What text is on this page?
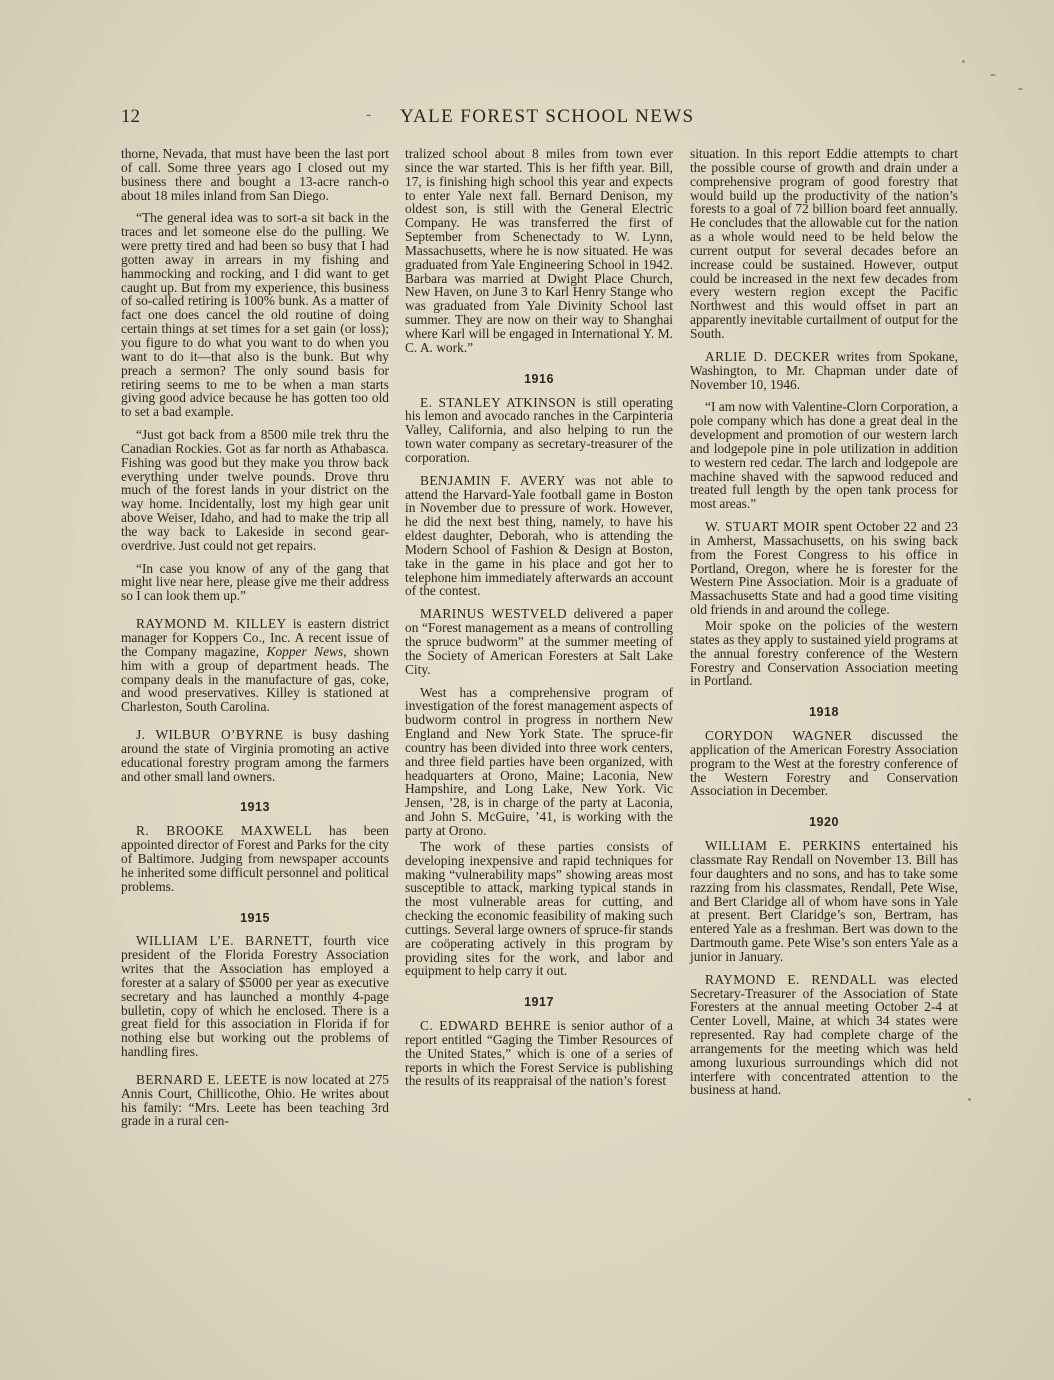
12	- YALE FOREST SCHOOL NEWS

thorne, Nevada, that must have been the last port of call. Some three years ago I closed out my business there and bought a 13-acre ranch-o about 18 miles inland from San Diego.

“The general idea was to sort-a sit back in the traces and let someone else do the pulling. We were pretty tired and had been so busy that I had gotten away in arrears in my fishing and hammocking and rocking, and I did want to get caught up. But from my experience, this business of so-called retiring is 100% bunk. As a matter of fact one does cancel the old routine of doing certain things at set times for a set gain (or loss); you figure to do what you want to do when you want to do it—that also is the bunk. But why preach a sermon? The only sound basis for retiring seems to me to be when a man starts giving good advice because he has gotten too old to set a bad example.

“Just got back from a 8500 mile trek thru the Canadian Rockies. Got as far north as Athabasca. Fishing was good but they make you throw back everything under twelve pounds. Drove thru much of the forest lands in your district on the way home. Incidentally, lost my high gear unit above Weiser, Idaho, and had to make the trip all the way back to Lakeside in second gear-overdrive. Just could not get repairs.

“In case you know of any of the gang that might live near here, please give me their address so I can look them up.”

RAYMOND M. KILLEY is eastern district manager for Koppers Co., Inc. A recent issue of the Company magazine, Kopper News, shown him with a group of department heads. The company deals in the manufacture of gas, coke, and wood preservatives. Killey is stationed at Charleston, South Carolina.

J. WILBUR O’BYRNE is busy dashing around the state of Virginia promoting an active educational forestry program among the farmers and other small land owners.

1913

R. BROOKE MAXWELL has been appointed director of Forest and Parks for the city of Baltimore. Judging from newspaper accounts he inherited some difficult personnel and political problems.

1915

WILLIAM L’E. BARNETT, fourth vice president of the Florida Forestry Association writes that the Association has employed a forester at a salary of $5000 per year as executive secretary and has launched a monthly 4-page bulletin, copy of which he enclosed. There is a great field for this association in Florida if for nothing else but working out the problems of handling fires.

BERNARD E. LEETE is now located at 275 Annis Court, Chillicothe, Ohio. He writes about his family: “Mrs. Leete has been teaching 3rd grade in a rural cen-

tralized school about 8 miles from town ever since the war started. This is her fifth year. Bill, 17, is finishing high school this year and expects to enter Yale next fall. Bernard Denison, my oldest son, is still with the General Electric Company. He was transferred the first of September from Schenectady to W. Lynn, Massachusetts, where he is now situated. He was graduated from Yale Engineering School in 1942. Barbara was married at Dwight Place Church, New Haven, on June 3 to Karl Henry Stange who was graduated from Yale Divinity School last summer. They are now on their way to Shanghai where Karl will be engaged in International Y. M. C. A. work.”

1916

E. STANLEY ATKINSON is still operating his lemon and avocado ranches in the Carpinteria Valley, California, and also helping to run the town water company as secretary-treasurer of the corporation.

BENJAMIN F. AVERY was not able to attend the Harvard-Yale football game in Boston in November due to pressure of work. However, he did the next best thing, namely, to have his eldest daughter, Deborah, who is attending the Modern School of Fashion & Design at Boston, take in the game in his place and got her to telephone him immediately afterwards an account of the contest.

MARINUS WESTVELD delivered a paper on “Forest management as a means of controlling the spruce budworm” at the summer meeting of the Society of American Foresters at Salt Lake City.

West has a comprehensive program of investigation of the forest management aspects of budworm control in progress in northern New England and New York State. The spruce-fir country has been divided into three work centers, and three field parties have been organized, with headquarters at Orono, Maine; Laconia, New Hampshire, and Long Lake, New York. Vic Jensen, ’28, is in charge of the party at Laconia, and John S. McGuire, ’41, is working with the party at Orono.

The work of these parties consists of developing inexpensive and rapid techniques for making “vulnerability maps” showing areas most susceptible to attack, marking typical stands in the most vulnerable areas for cutting, and checking the economic feasibility of making such cuttings. Several large owners of spruce-fir stands are coöperating actively in this program by providing sites for the work, and labor and equipment to help carry it out.

1917

C. EDWARD BEHRE is senior author of a report entitled “Gaging the Timber Resources of the United States,” which is one of a series of reports in which the Forest Service is publishing the results of its reappraisal of the nation’s forest

situation. In this report Eddie attempts to chart the possible course of growth and drain under a comprehensive program of good forestry that would build up the productivity of the nation’s forests to a goal of 72 billion board feet annually. He concludes that the allowable cut for the nation as a whole would need to be held below the current output for several decades before an increase could be sustained. However, output could be increased in the next few decades from every western region except the Pacific Northwest and this would offset in part an apparently inevitable curtailment of output for the South.

ARLIE D. DECKER writes from Spokane, Washington, to Mr. Chapman under date of November 10, 1946.

“I am now with Valentine-Clorn Corporation, a pole company which has done a great deal in the development and promotion of our western larch and lodgepole pine in pole utilization in addition to western red cedar. The larch and lodgepole are machine shaved with the sapwood reduced and treated full length by the open tank process for most areas.”

W. STUART MOIR spent October 22 and 23 in Amherst, Massachusetts, on his swing back from the Forest Congress to his office in Portland, Oregon, where he is forester for the Western Pine Association. Moir is a graduate of Massachusetts State and had a good time visiting old friends in and around the college.

Moir spoke on the policies of the western states as they apply to sustained yield programs at the annual forestry conference of the Western Forestry and Conservation Association meeting in Portland.

1918

CORYDON WAGNER discussed the application of the American Forestry Association program to the West at the forestry conference of the Western Forestry and Conservation Association in December.

1920

WILLIAM E. PERKINS entertained his classmate Ray Rendall on November 13. Bill has four daughters and no sons, and has to take some razzing from his classmates, Rendall, Pete Wise, and Bert Claridge all of whom have sons in Yale at present. Bert Claridge’s son, Bertram, has entered Yale as a freshman. Bert was down to the Dartmouth game. Pete Wise’s son enters Yale as a junior in January.

RAYMOND E. RENDALL was elected Secretary-Treasurer of the Association of State Foresters at the annual meeting October 2-4 at Center Lovell, Maine, at which 34 states were represented. Ray had complete charge of the arrangements for the meeting which was held among luxurious surroundings which did not interfere with concentrated attention to the business at hand.
